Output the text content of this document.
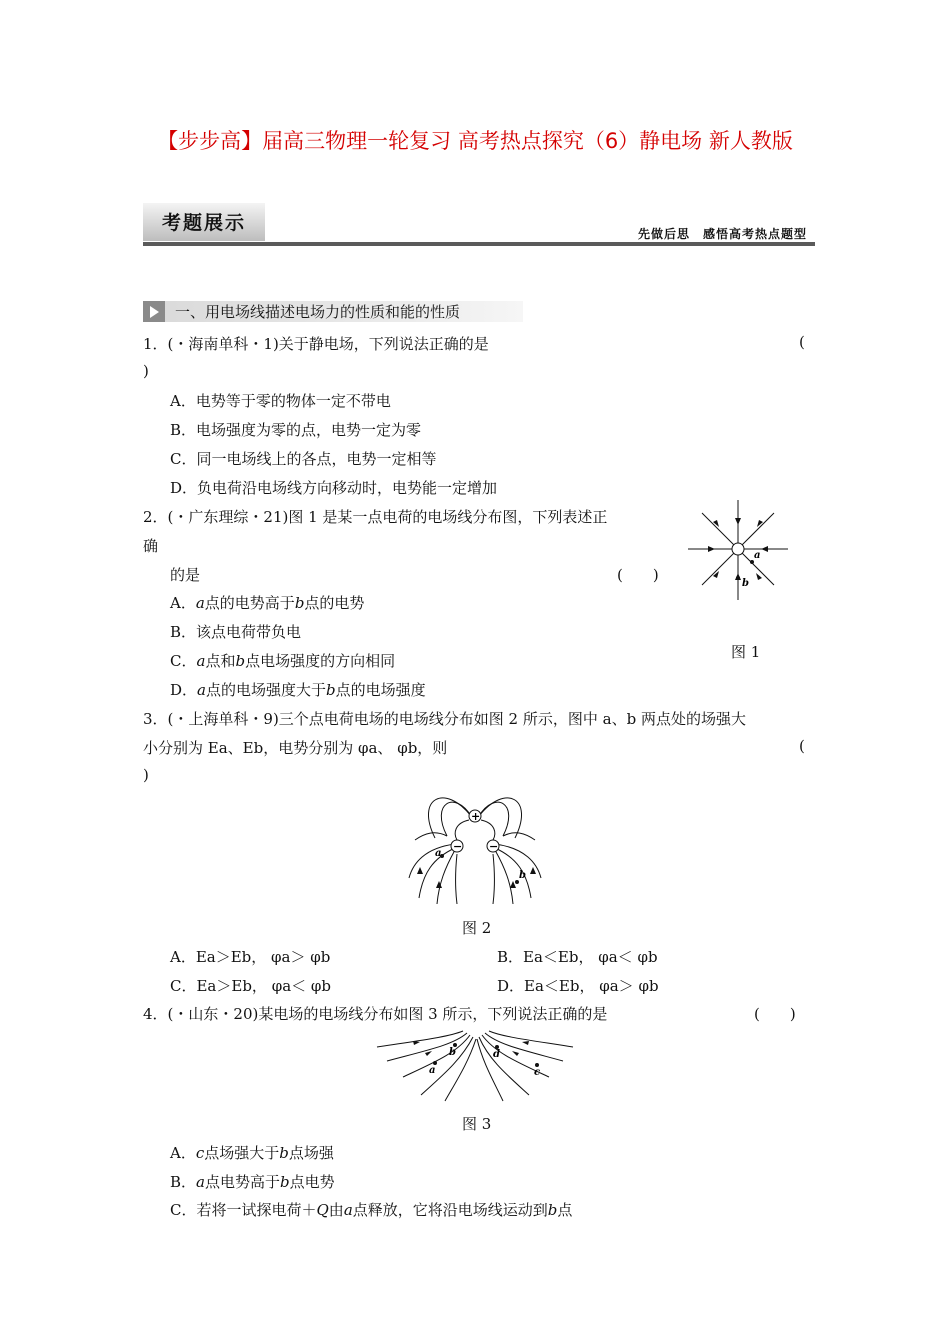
【步步高】届高三物理一轮复习 高考热点探究（6）静电场 新人教版
考题展示	先做后思　感悟高考热点题型
一、用电场线描述电场力的性质和能的性质
1．(・海南单科・1)关于静电场，下列说法正确的是	(
)
A．电势等于零的物体一定不带电
B．电场强度为零的点，电势一定为零
C．同一电场线上的各点，电势一定相等
D．负电荷沿电场线方向移动时，电势能一定增加
2．(・广东理综・21)图 1 是某一点电荷的电场线分布图，下列表述正
确
的是	(　　)
A．a点的电势高于b点的电势
B．该点电荷带负电
C．a点和b点电场强度的方向相同
D．a点的电场强度大于b点的电场强度
a
b
图 1
3．(・上海单科・9)三个点电荷电场的电场线分布如图 2 所示，图中 a、b 两点处的场强大
小分别为 Ea、Eb，电势分别为 φa、 φb，则	(
)
+
− −
a
b
图 2
A．Ea＞Eb， φa＞ φb	B．Ea＜Eb， φa＜ φb
C．Ea＞Eb， φa＜ φb	D．Ea＜Eb， φa＞ φb
4．(・山东・20)某电场的电场线分布如图 3 所示，下列说法正确的是	(　　)
a
b
c
d
图 3
A．c点场强大于b点场强
B．a点电势高于b点电势
C．若将一试探电荷＋Q由a点释放，它将沿电场线运动到b点
